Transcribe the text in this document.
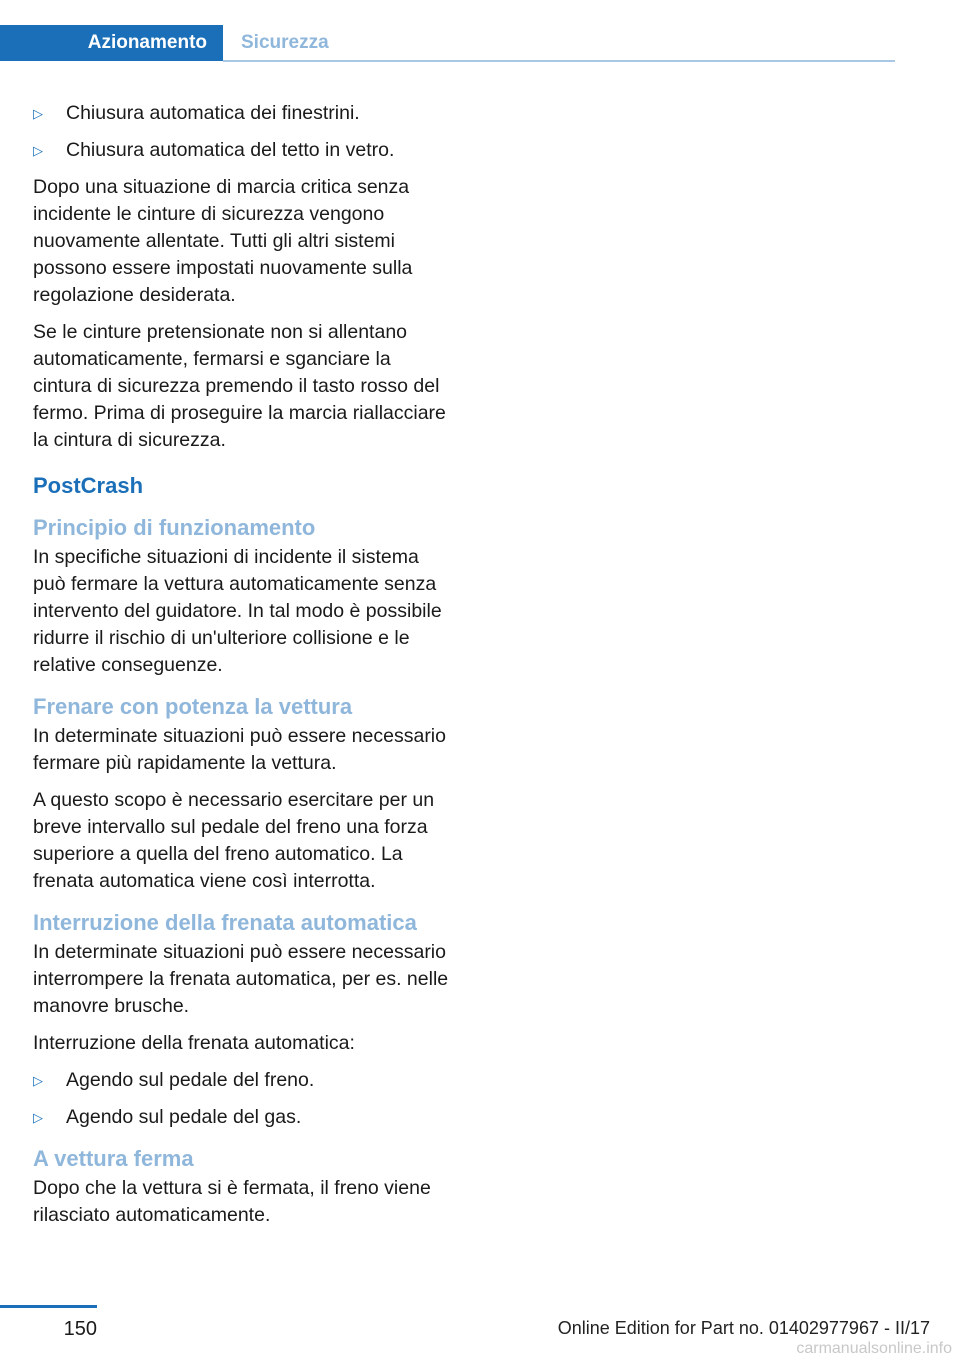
Azionamento Sicurezza
▷	Chiusura automatica dei finestrini.
▷	Chiusura automatica del tetto in vetro.

Dopo una situazione di marcia critica senza incidente le cinture di sicurezza vengono nuovamente allentate. Tutti gli altri sistemi possono essere impostati nuovamente sulla regolazione desiderata.

Se le cinture pretensionate non si allentano automaticamente, fermarsi e sganciare la cintura di sicurezza premendo il tasto rosso del fermo. Prima di proseguire la marcia riallacciare la cintura di sicurezza.

PostCrash
Principio di funzionamento

In specifiche situazioni di incidente il sistema può fermare la vettura automaticamente senza intervento del guidatore. In tal modo è possibile ridurre il rischio di un'ulteriore collisione e le relative conseguenze.

Frenare con potenza la vettura

In determinate situazioni può essere necessario fermare più rapidamente la vettura.

A questo scopo è necessario esercitare per un breve intervallo sul pedale del freno una forza superiore a quella del freno automatico. La frenata automatica viene così interrotta.

Interruzione della frenata automatica

In determinate situazioni può essere necessario interrompere la frenata automatica, per es. nelle manovre brusche.

Interruzione della frenata automatica:

▷	Agendo sul pedale del freno.
▷	Agendo sul pedale del gas.
A vettura ferma

Dopo che la vettura si è fermata, il freno viene rilasciato automaticamente.

150	Online Edition for Part no. 01402977967 - II/17
carmanualsonline.info
